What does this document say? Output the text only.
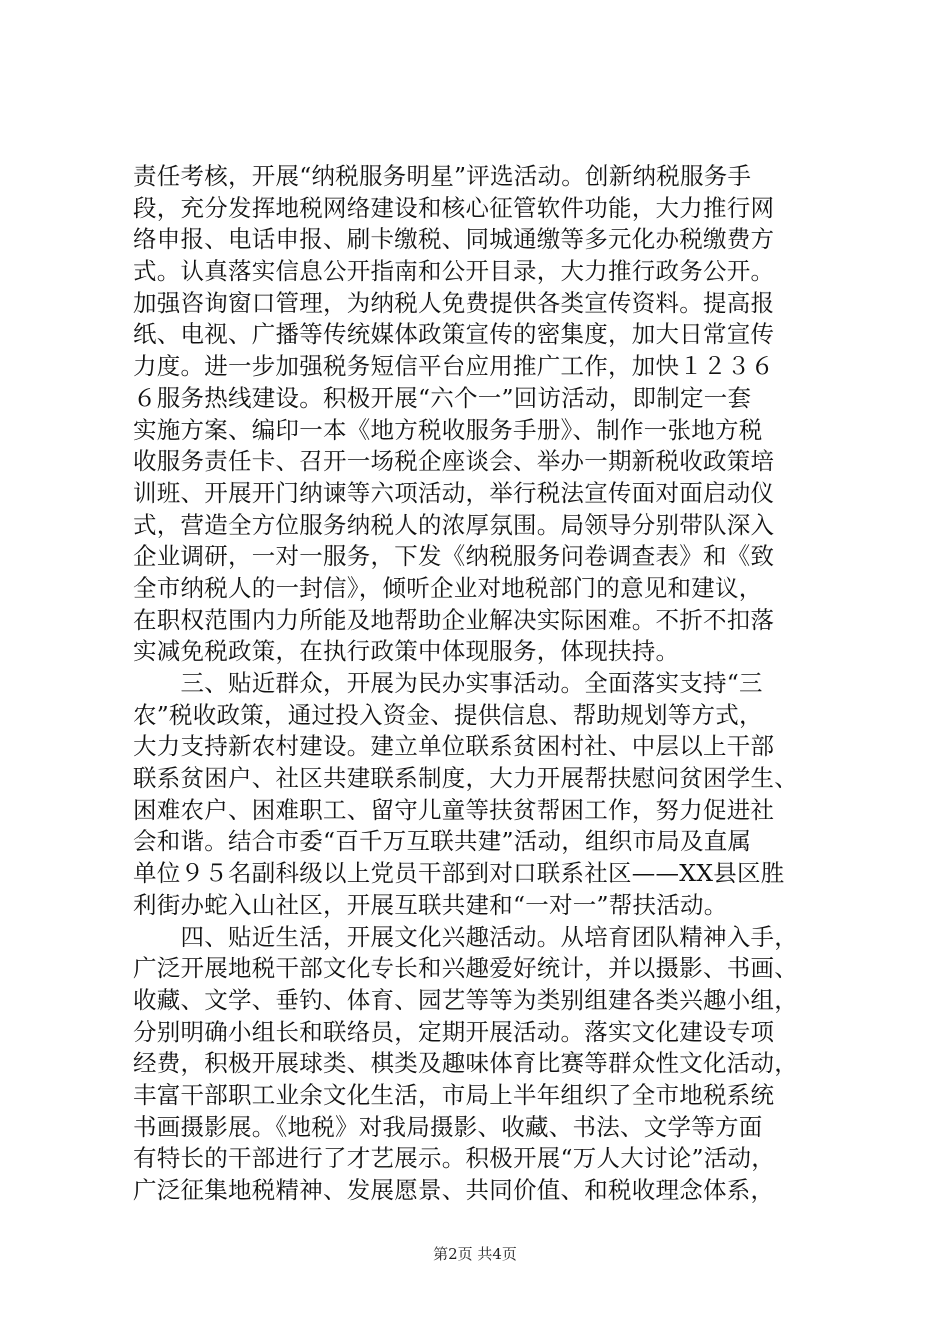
责任考核，开展“纳税服务明星”评选活动。创新纳税服务手
段，充分发挥地税网络建设和核心征管软件功能，大力推行网
络申报、电话申报、刷卡缴税、同城通缴等多元化办税缴费方
式。认真落实信息公开指南和公开目录，大力推行政务公开。
加强咨询窗口管理，为纳税人免费提供各类宣传资料。提高报
纸、电视、广播等传统媒体政策宣传的密集度，加大日常宣传
力度。进一步加强税务短信平台应用推广工作，加快１２３６
６服务热线建设。积极开展“六个一”回访活动，即制定一套
实施方案、编印一本《地方税收服务手册》、制作一张地方税
收服务责任卡、召开一场税企座谈会、举办一期新税收政策培
训班、开展开门纳谏等六项活动，举行税法宣传面对面启动仪
式，营造全方位服务纳税人的浓厚氛围。局领导分别带队深入
企业调研，一对一服务，下发《纳税服务问卷调查表》和《致
全市纳税人的一封信》，倾听企业对地税部门的意见和建议，
在职权范围内力所能及地帮助企业解决实际困难。不折不扣落
实减免税政策，在执行政策中体现服务，体现扶持。
　　三、贴近群众，开展为民办实事活动。全面落实支持“三
农”税收政策，通过投入资金、提供信息、帮助规划等方式，
大力支持新农村建设。建立单位联系贫困村社、中层以上干部
联系贫困户、社区共建联系制度，大力开展帮扶慰问贫困学生、
困难农户、困难职工、留守儿童等扶贫帮困工作，努力促进社
会和谐。结合市委“百千万互联共建”活动，组织市局及直属
单位９５名副科级以上党员干部到对口联系社区——XX县区胜
利街办蛇入山社区，开展互联共建和“一对一”帮扶活动。
　　四、贴近生活，开展文化兴趣活动。从培育团队精神入手，
广泛开展地税干部文化专长和兴趣爱好统计，并以摄影、书画、
收藏、文学、垂钓、体育、园艺等等为类别组建各类兴趣小组，
分别明确小组长和联络员，定期开展活动。落实文化建设专项
经费，积极开展球类、棋类及趣味体育比赛等群众性文化活动，
丰富干部职工业余文化生活，市局上半年组织了全市地税系统
书画摄影展。《地税》对我局摄影、收藏、书法、文学等方面
有特长的干部进行了才艺展示。积极开展“万人大讨论”活动，
广泛征集地税精神、发展愿景、共同价值、和税收理念体系，
第2页 共4页
